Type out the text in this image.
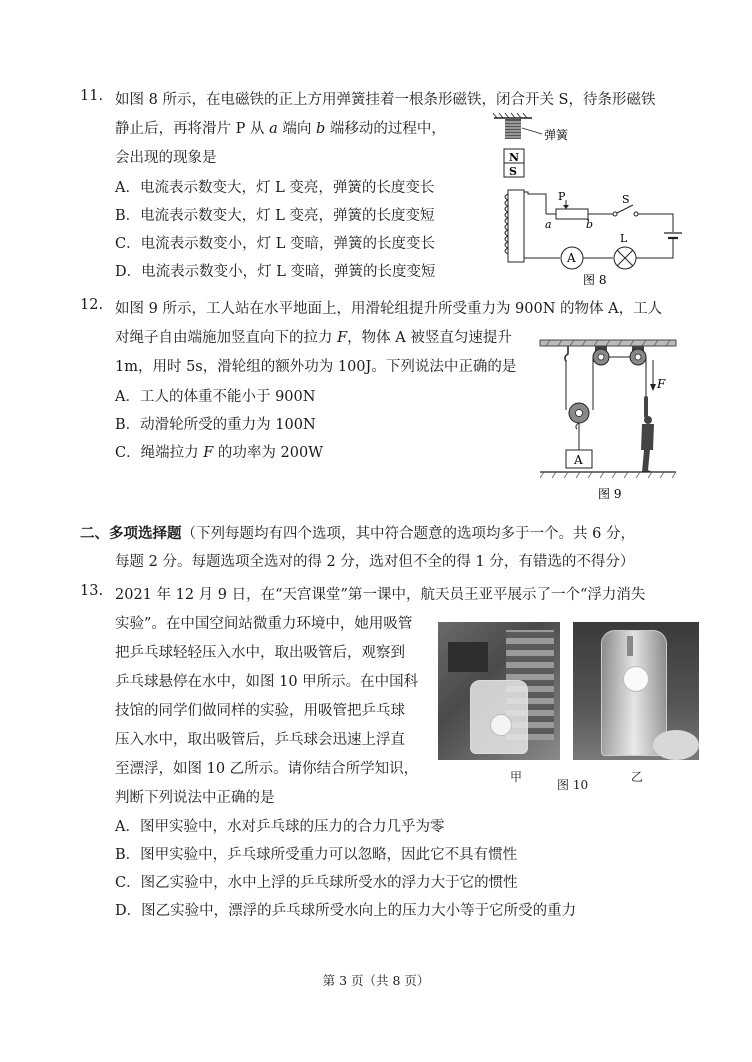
11. 如图 8 所示，在电磁铁的正上方用弹簧挂着一根条形磁铁，闭合开关 S，待条形磁铁
静止后，再将滑片 P 从 a 端向 b 端移动的过程中，
会出现的现象是
A．电流表示数变大，灯 L 变亮，弹簧的长度变长
B．电流表示数变大，灯 L 变亮，弹簧的长度变短
C．电流表示数变小，灯 L 变暗，弹簧的长度变长
D．电流表示数变小，灯 L 变暗，弹簧的长度变短
弹簧
N
S
P
a	b
S
A
L
图 8
12. 如图 9 所示，工人站在水平地面上，用滑轮组提升所受重力为 900N 的物体 A，工人
对绳子自由端施加竖直向下的拉力 F，物体 A 被竖直匀速提升
1m，用时 5s，滑轮组的额外功为 100J。下列说法中正确的是
A．工人的体重不能小于 900N
B．动滑轮所受的重力为 100N
C．绳端拉力 F 的功率为 200W	A
F
图 9
二、多项选择题（下列每题均有四个选项，其中符合题意的选项均多于一个。共 6 分，
每题 2 分。每题选项全选对的得 2 分，选对但不全的得 1 分，有错选的不得分）
13. 2021 年 12 月 9 日，在“天宫课堂”第一课中，航天员王亚平展示了一个“浮力消失
实验”。在中国空间站微重力环境中，她用吸管
把乒乓球轻轻压入水中，取出吸管后，观察到
乒乓球悬停在水中，如图 10 甲所示。在中国科
技馆的同学们做同样的实验，用吸管把乒乓球
压入水中，取出吸管后，乒乓球会迅速上浮直
至漂浮，如图 10 乙所示。请你结合所学知识，
判断下列说法中正确的是
A．图甲实验中，水对乒乓球的压力的合力几乎为零
B．图甲实验中，乒乓球所受重力可以忽略，因此它不具有惯性
C．图乙实验中，水中上浮的乒乓球所受水的浮力大于它的惯性
D．图乙实验中，漂浮的乒乓球所受水向上的压力大小等于它所受的重力
甲
图 10
乙
第 3 页（共 8 页）
